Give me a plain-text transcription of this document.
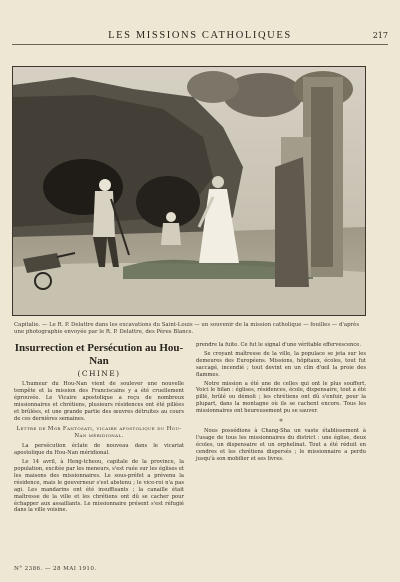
LES MISSIONS CATHOLIQUES	217
Capitalie. — Le R. P. Delattre dans les excavations du Saint-Louis — un souvenir de la mission catholique — fouilles — d'après une photographie envoyée par le R. P. Delattre, des Pères Blancs.
Insurrection et Persécution au Hou-Nan
(CHINE)

L'humeur du Hou-Nan vient de soulever une nouvelle tempête et la mission des Franciscains y a été cruellement éprouvée. Le Vicaire apostolique a reçu de nombreux missionnaires et chrétiens, plusieurs résidences ont été pillées et brûlées, et une grande partie des œuvres détruites au cours de ces dernières semaines.

Lettre de Mgr Fantosati, vicaire apostolique du Hou-Nan méridional.

La persécution éclate de nouveau dans le vicariat apostolique du Hou-Nan méridional.

Le 14 avril, à Heng-tcheou, capitale de la province, la population, excitée par les meneurs, s'est ruée sur les églises et les maisons des missionnaires. Le sous-préfet a prévenu la résidence, mais le gouverneur s'est abstenu ; le vice-roi n'a pas agi. Les mandarins ont été insuffisants ; la canaille était maîtresse de la ville et les chrétiens ont dû se cacher pour échapper aux assaillants. Le missionnaire présent s'est réfugié dans la ville voisine.

prendre la fuite. Ce fut le signal d'une véritable effervescence.

Se croyant maîtresse de la ville, la populace se jeta sur les demeures des Européens. Missions, hôpitaux, écoles, tout fut saccagé, incendié ; tout devint en un clin d'œil la proie des flammes.

Notre mission a été une de celles qui ont le plus souffert. Voici le bilan : églises, résidences, école, dispensaire, tout a été pillé, brûlé ou démoli ; les chrétiens ont dû s'enfuir, pour la plupart, dans la montagne où ils se cachent encore. Tous les missionnaires ont heureusement pu se sauver.

*

Nous possédions à Chang-Sha un vaste établissement à l'usage de tous les missionnaires du district : une église, deux écoles, un dispensaire et un orphelinat. Tout a été réduit en cendres et les chrétiens dispersés ; le missionnaire a perdu jusqu'à son mobilier et ses livres.

N° 2386. — 28 MAI 1910.
